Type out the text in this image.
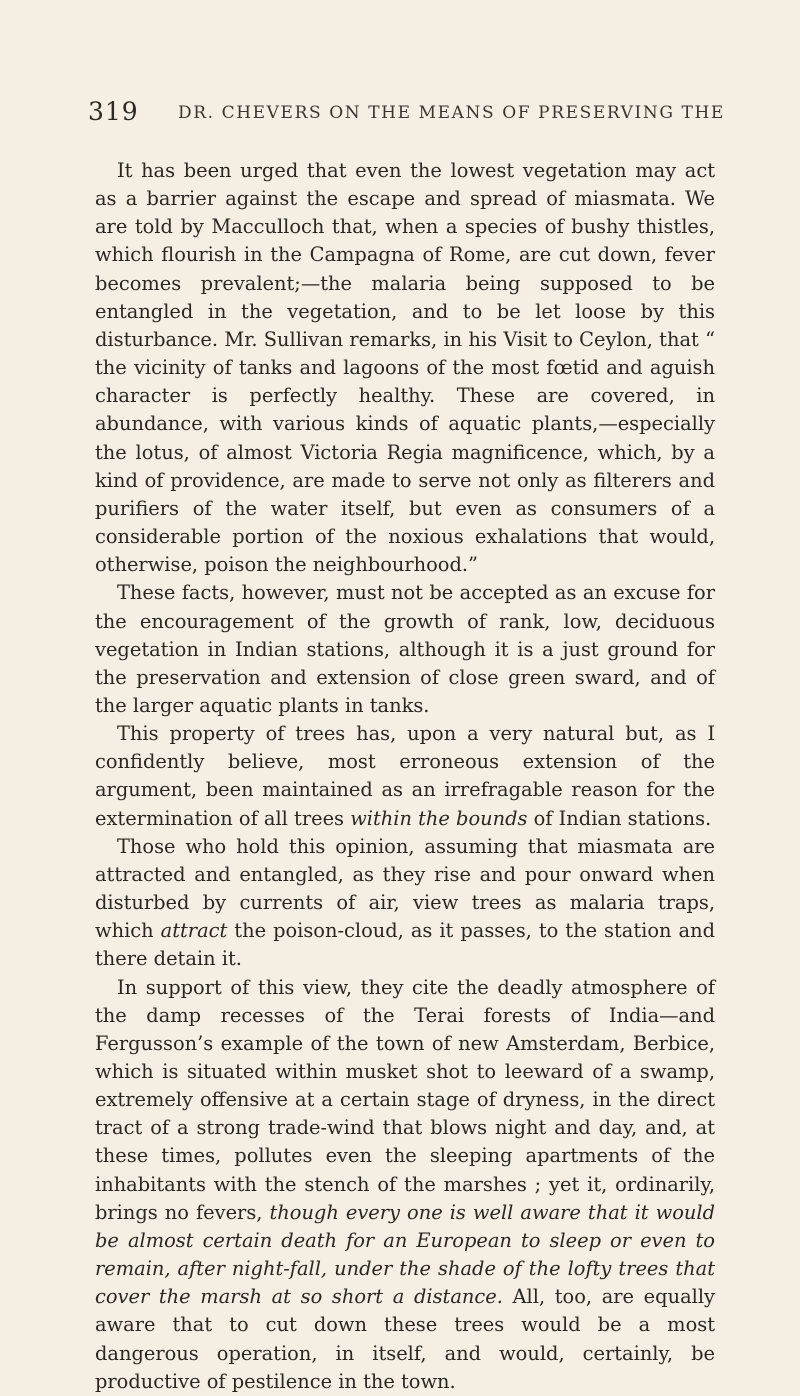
319 DR. CHEVERS ON THE MEANS OF PRESERVING THE

It has been urged that even the lowest vegetation may act as a barrier against the escape and spread of miasmata. We are told by Macculloch that, when a species of bushy thistles, which flourish in the Campagna of Rome, are cut down, fever becomes prevalent;—the malaria being supposed to be entangled in the vegetation, and to be let loose by this disturbance. Mr. Sullivan remarks, in his Visit to Ceylon, that “ the vicinity of tanks and lagoons of the most fœtid and aguish character is perfectly healthy. These are covered, in abundance, with various kinds of aquatic plants,—especially the lotus, of almost Victoria Regia magnificence, which, by a kind of providence, are made to serve not only as filterers and purifiers of the water itself, but even as consumers of a considerable portion of the noxious exhalations that would, otherwise, poison the neighbourhood.”

These facts, however, must not be accepted as an excuse for the encouragement of the growth of rank, low, deciduous vegetation in Indian stations, although it is a just ground for the preservation and extension of close green sward, and of the larger aquatic plants in tanks.

This property of trees has, upon a very natural but, as I confidently believe, most erroneous extension of the argument, been maintained as an irrefragable reason for the extermination of all trees within the bounds of Indian stations.

Those who hold this opinion, assuming that miasmata are attracted and entangled, as they rise and pour onward when disturbed by currents of air, view trees as malaria traps, which attract the poison-cloud, as it passes, to the station and there detain it.

In support of this view, they cite the deadly atmosphere of the damp recesses of the Terai forests of India—and Fergusson’s example of the town of new Amsterdam, Berbice, which is situated within musket shot to leeward of a swamp, extremely offensive at a certain stage of dryness, in the direct tract of a strong trade-wind that blows night and day, and, at these times, pollutes even the sleeping apartments of the inhabitants with the stench of the marshes ; yet it, ordinarily, brings no fevers, though every one is well aware that it would be almost certain death for an European to sleep or even to remain, after night-fall, under the shade of the lofty trees that cover the marsh at so short a distance. All, too, are equally aware that to cut down these trees would be a most dangerous operation, in itself, and would, certainly, be productive of pestilence in the town.
